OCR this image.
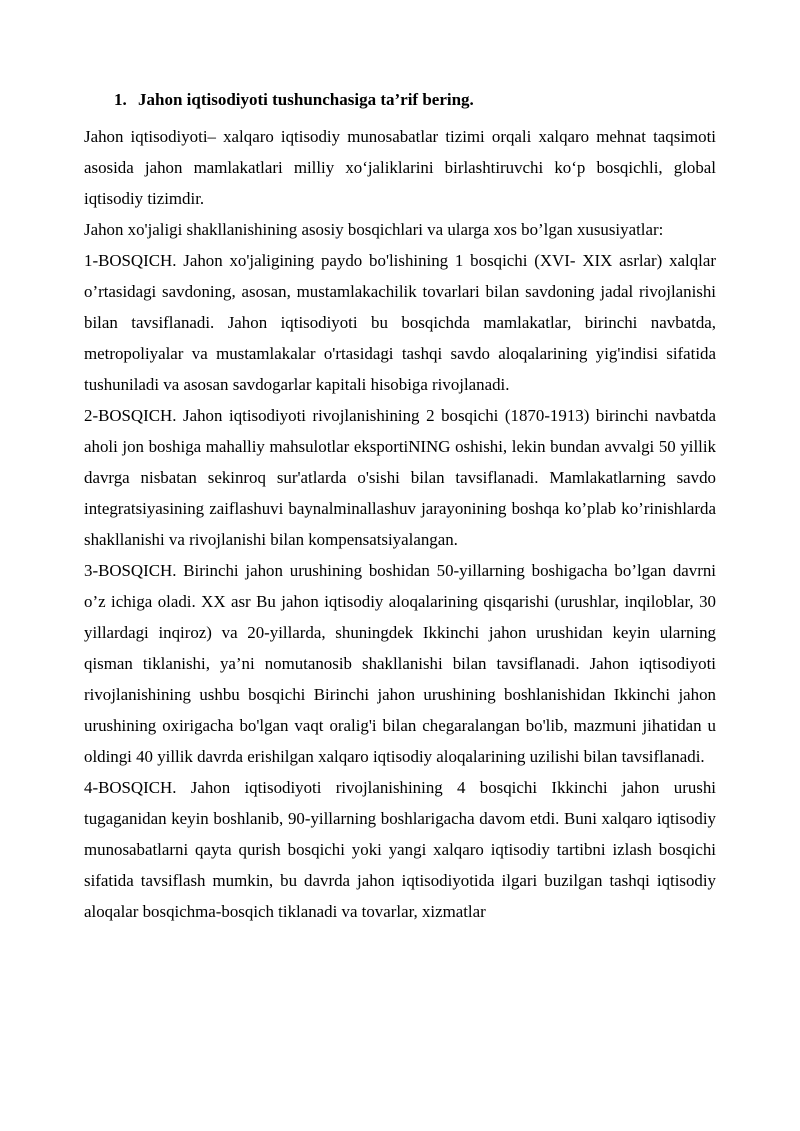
1. Jahon iqtisodiyoti tushunchasiga ta’rif bering.

Jahon iqtisodiyoti– xalqaro iqtisodiy munosabatlar tizimi orqali xalqaro mehnat taqsimoti asosida jahon mamlakatlari milliy xo‘jaliklarini birlashtiruvchi ko‘p bosqichli, global iqtisodiy tizimdir.

Jahon xo'jaligi shakllanishining asosiy bosqichlari va ularga xos bo’lgan xususiyatlar:

1-BOSQICH. Jahon xo'jaligining paydo bo'lishining 1 bosqichi (XVI- XIX asrlar) xalqlar o’rtasidagi savdoning, asosan, mustamlakachilik tovarlari bilan savdoning jadal rivojlanishi bilan tavsiflanadi. Jahon iqtisodiyoti bu bosqichda mamlakatlar, birinchi navbatda, metropoliyalar va mustamlakalar o'rtasidagi tashqi savdo aloqalarining yig'indisi sifatida tushuniladi va asosan savdogarlar kapitali hisobiga rivojlanadi.

2-BOSQICH. Jahon iqtisodiyoti rivojlanishining 2 bosqichi (1870-1913) birinchi navbatda aholi jon boshiga mahalliy mahsulotlar eksportiNING oshishi, lekin bundan avvalgi 50 yillik davrga nisbatan sekinroq sur'atlarda o'sishi bilan tavsiflanadi. Mamlakatlarning savdo integratsiyasining zaiflashuvi baynalminallashuv jarayonining boshqa ko’plab ko’rinishlarda shakllanishi va rivojlanishi bilan kompensatsiyalangan.

3-BOSQICH. Birinchi jahon urushining boshidan 50-yillarning boshigacha bo’lgan davrni o’z ichiga oladi. XX asr Bu jahon iqtisodiy aloqalarining qisqarishi (urushlar, inqiloblar, 30 yillardagi inqiroz) va 20-yillarda, shuningdek Ikkinchi jahon urushidan keyin ularning qisman tiklanishi, ya’ni nomutanosib shakllanishi bilan tavsiflanadi. Jahon iqtisodiyoti rivojlanishining ushbu bosqichi Birinchi jahon urushining boshlanishidan Ikkinchi jahon urushining oxirigacha bo'lgan vaqt oralig'i bilan chegaralangan bo'lib, mazmuni jihatidan u oldingi 40 yillik davrda erishilgan xalqaro iqtisodiy aloqalarining uzilishi bilan tavsiflanadi.

4-BOSQICH. Jahon iqtisodiyoti rivojlanishining 4 bosqichi Ikkinchi jahon urushi tugaganidan keyin boshlanib, 90-yillarning boshlarigacha davom etdi. Buni xalqaro iqtisodiy munosabatlarni qayta qurish bosqichi yoki yangi xalqaro iqtisodiy tartibni izlash bosqichi sifatida tavsiflash mumkin, bu davrda jahon iqtisodiyotida ilgari buzilgan tashqi iqtisodiy aloqalar bosqichma-bosqich tiklanadi va tovarlar, xizmatlar
